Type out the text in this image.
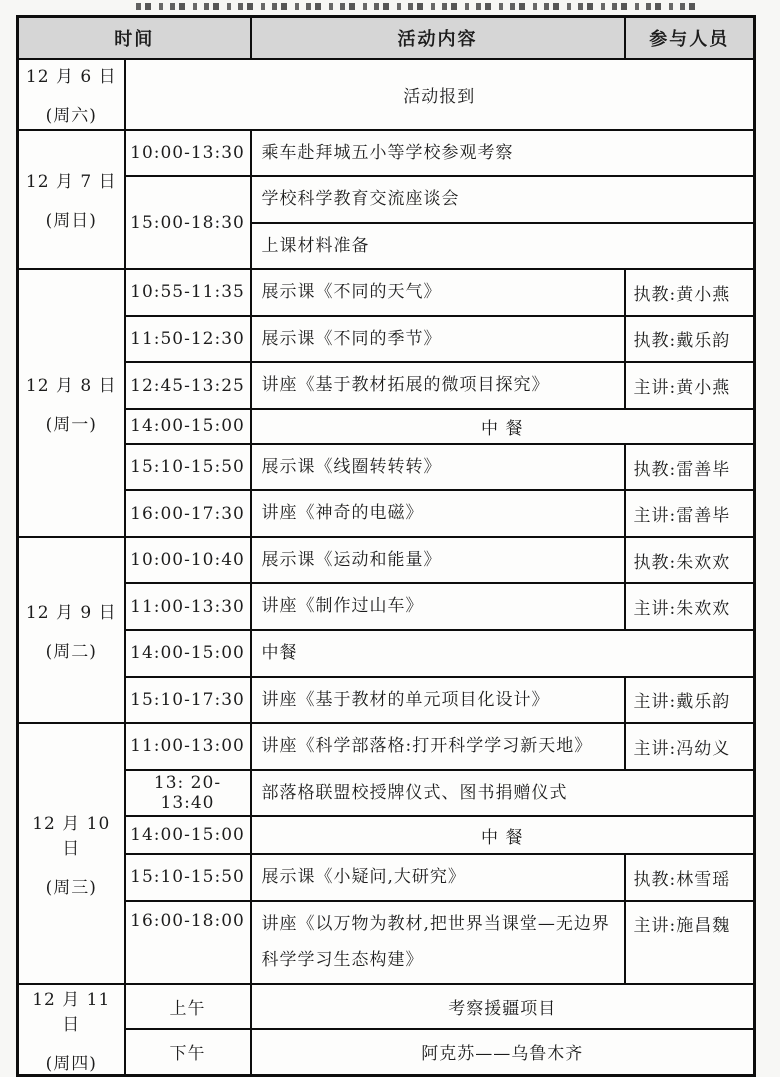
时间		活动内容	参与人员

12 月 6 日
(周六)	活动报到		

12 月 7 日
(周日)	10:00-13:30	乘车赴拜城五小等学校参观考察	
	15:00-18:30	学校科学教育交流座谈会	
		上课材料准备	

12 月 8 日
(周一)	10:55-11:35	展示课《不同的天气》	执教:黄小燕
	11:50-12:30	展示课《不同的季节》	执教:戴乐韵
	12:45-13:25	讲座《基于教材拓展的微项目探究》	主讲:黄小燕
	14:00-15:00	中 餐	
	15:10-15:50	展示课《线圈转转转》	执教:雷善毕
	16:00-17:30	讲座《神奇的电磁》	主讲:雷善毕

12 月 9 日
(周二)	10:00-10:40	展示课《运动和能量》	执教:朱欢欢
	11:00-13:30	讲座《制作过山车》	主讲:朱欢欢
	14:00-15:00	中餐	
	15:10-17:30	讲座《基于教材的单元项目化设计》	主讲:戴乐韵

12 月 10 日
(周三)	11:00-13:00	讲座《科学部落格:打开科学学习新天地》	主讲:冯幼义
	13: 20-13:40	部落格联盟校授牌仪式、图书捐赠仪式	
	14:00-15:00	中 餐	
	15:10-15:50	展示课《小疑问,大研究》	执教:林雪瑶
	16:00-18:00	讲座《以万物为教材,把世界当课堂—无边界科学学习生态构建》	主讲:施昌魏

12 月 11 日
(周四)	上午	考察援疆项目	
	下午	阿克苏——乌鲁木齐	
